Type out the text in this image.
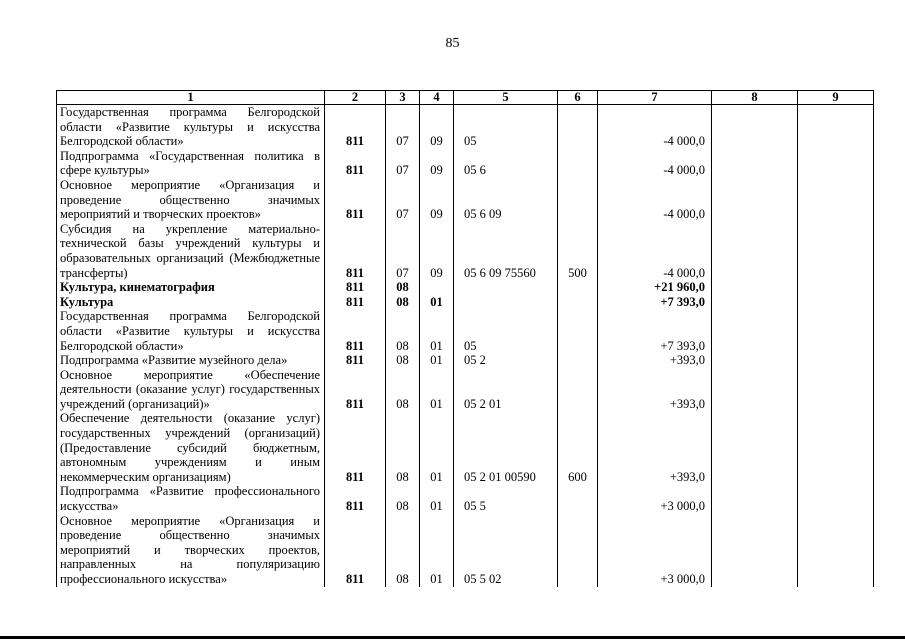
85
1	2	3	4	5	6	7	8	9
Государственная программа Белгородской области «Развитие культуры и искусства Белгородской области»	811	07	09	05		-4 000,0		
Подпрограмма «Государственная политика в сфере культуры»	811	07	09	05 6		-4 000,0		
Основное мероприятие «Организация и проведение общественно значимых мероприятий и творческих проектов»	811	07	09	05 6 09		-4 000,0		
Субсидия на укрепление материально-технической базы учреждений культуры и образовательных организаций (Межбюджетные трансферты)	811	07	09	05 6 09 75560	500	-4 000,0		
Культура, кинематография	811	08				+21 960,0		
Культура	811	08	01			+7 393,0		
Государственная программа Белгородской области «Развитие культуры и искусства Белгородской области»	811	08	01	05		+7 393,0		
Подпрограмма «Развитие музейного дела»	811	08	01	05 2		+393,0		
Основное мероприятие «Обеспечение деятельности (оказание услуг) государственных учреждений (организаций)»	811	08	01	05 2 01		+393,0		
Обеспечение деятельности (оказание услуг) государственных учреждений (организаций) (Предоставление субсидий бюджетным, автономным учреждениям и иным некоммерческим организациям)	811	08	01	05 2 01 00590	600	+393,0		
Подпрограмма «Развитие профессионального искусства»	811	08	01	05 5		+3 000,0		
Основное мероприятие «Организация и проведение общественно значимых мероприятий и творческих проектов, направленных на популяризацию профессионального искусства»	811	08	01	05 5 02		+3 000,0		
